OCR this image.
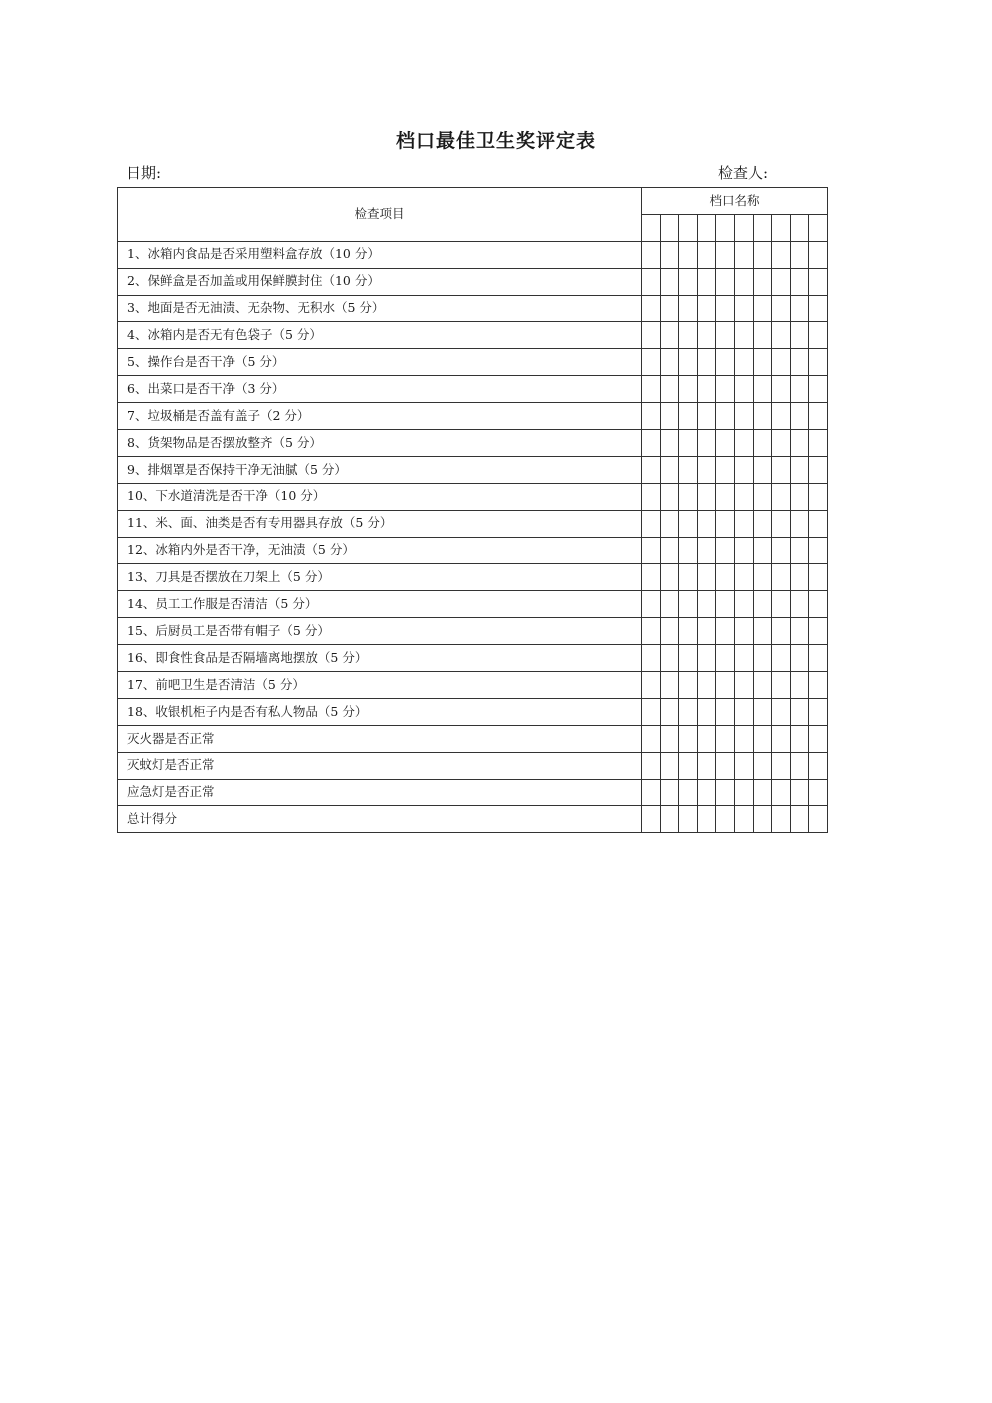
档口最佳卫生奖评定表
日期:	检查人:
检查项目	档口名称									

1、冰箱内食品是否采用塑料盒存放（10 分）										
2、保鲜盒是否加盖或用保鲜膜封住（10 分）										
3、地面是否无油渍、无杂物、无积水（5 分）										
4、冰箱内是否无有色袋子（5 分）										
5、操作台是否干净（5 分）										
6、出菜口是否干净（3 分）										
7、垃圾桶是否盖有盖子（2 分）										
8、货架物品是否摆放整齐（5 分）										
9、排烟罩是否保持干净无油腻（5 分）										
10、下水道清洗是否干净（10 分）										
11、米、面、油类是否有专用器具存放（5 分）										
12、冰箱内外是否干净，无油渍（5 分）										
13、刀具是否摆放在刀架上（5 分）										
14、员工工作服是否清洁（5 分）										
15、后厨员工是否带有帽子（5 分）										
16、即食性食品是否隔墙离地摆放（5 分）										
17、前吧卫生是否清洁（5 分）										
18、收银机柜子内是否有私人物品（5 分）										
灭火器是否正常										
灭蚊灯是否正常										
应急灯是否正常										
总计得分										
